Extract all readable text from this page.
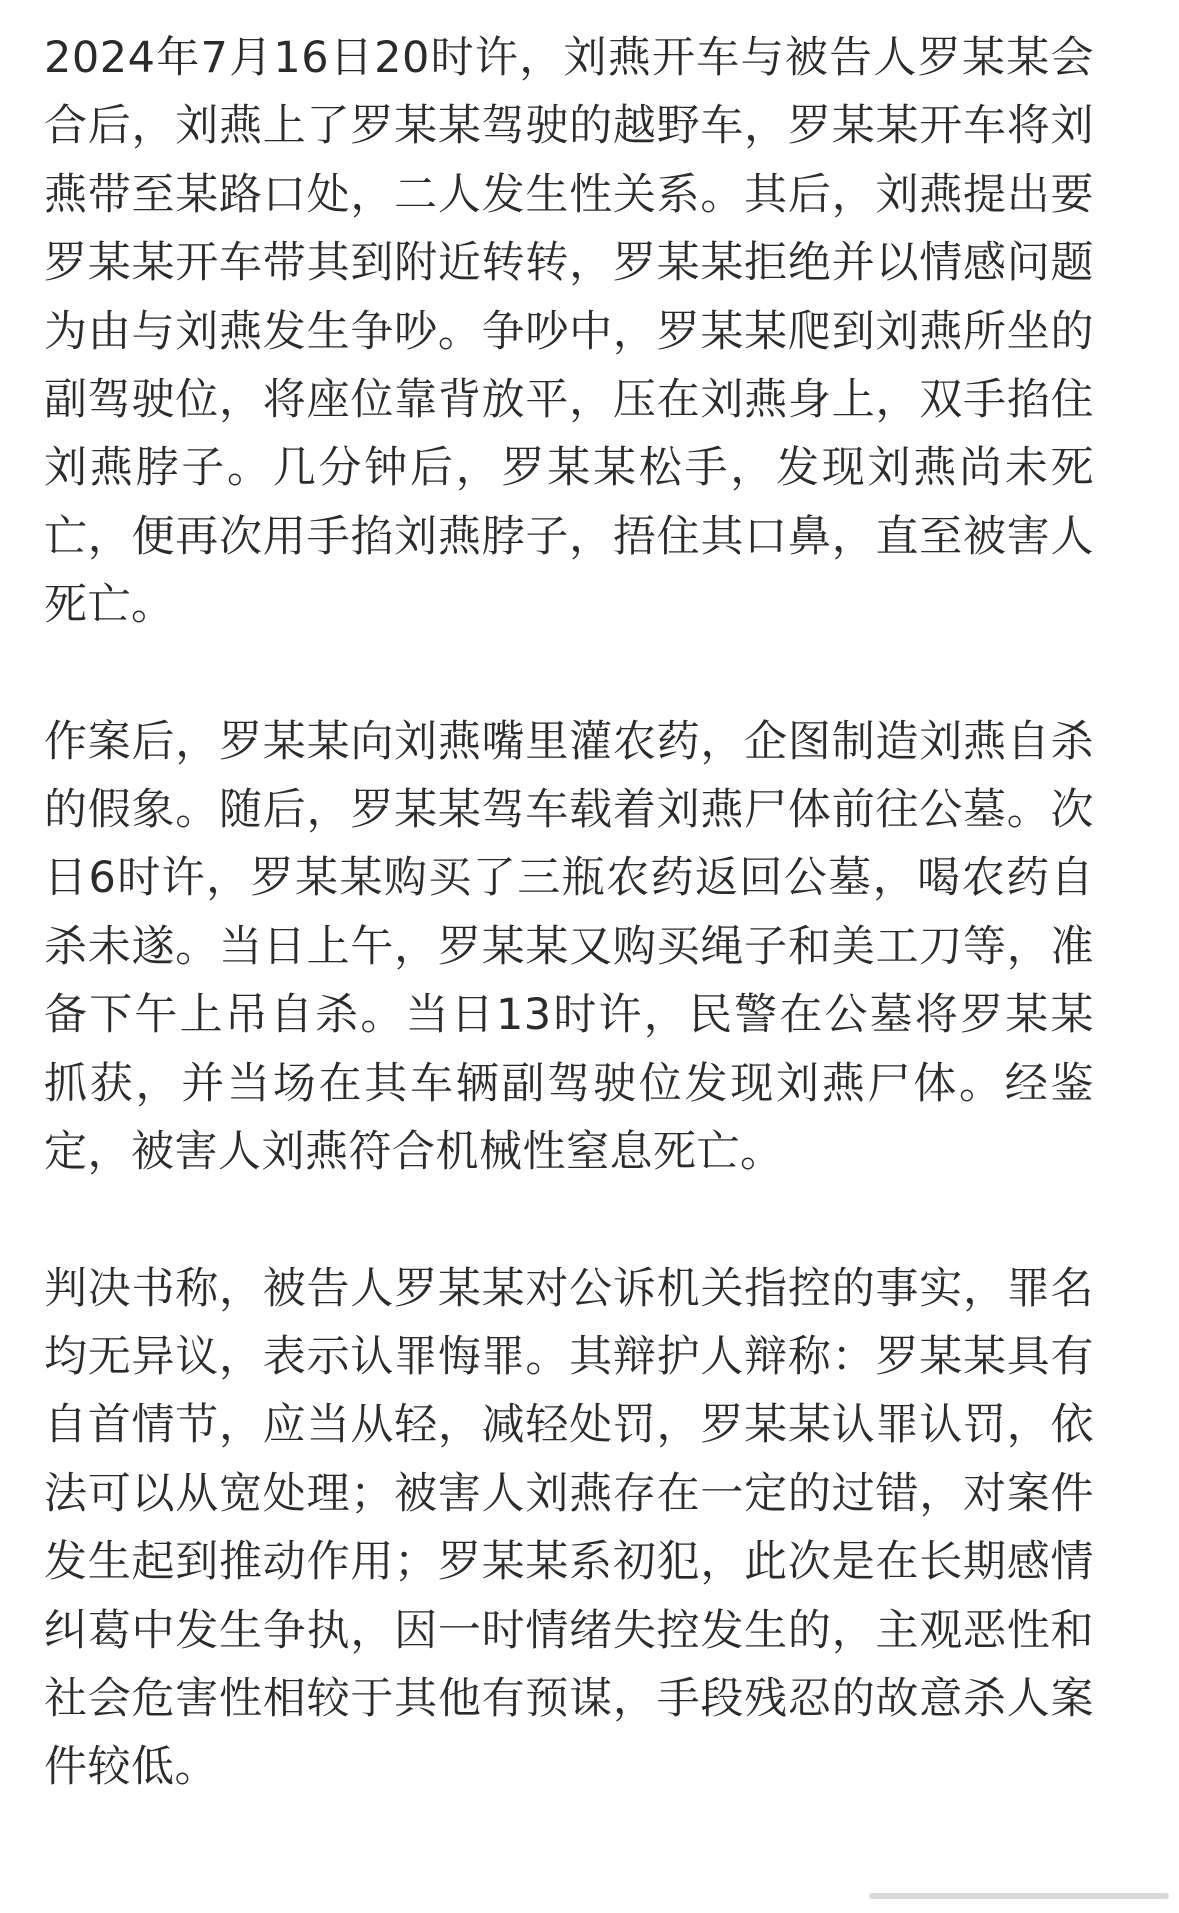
2024年7月16日20时许，刘燕开车与被告人罗某某会合后，刘燕上了罗某某驾驶的越野车，罗某某开车将刘燕带至某路口处，二人发生性关系。其后，刘燕提出要罗某某开车带其到附近转转，罗某某拒绝并以情感问题为由与刘燕发生争吵。争吵中，罗某某爬到刘燕所坐的副驾驶位，将座位靠背放平，压在刘燕身上，双手掐住刘燕脖子。几分钟后，罗某某松手，发现刘燕尚未死亡，便再次用手掐刘燕脖子，捂住其口鼻，直至被害人死亡。

作案后，罗某某向刘燕嘴里灌农药，企图制造刘燕自杀的假象。随后，罗某某驾车载着刘燕尸体前往公墓。次日6时许，罗某某购买了三瓶农药返回公墓，喝农药自杀未遂。当日上午，罗某某又购买绳子和美工刀等，准备下午上吊自杀。当日13时许，民警在公墓将罗某某抓获，并当场在其车辆副驾驶位发现刘燕尸体。经鉴定，被害人刘燕符合机械性窒息死亡。

判决书称，被告人罗某某对公诉机关指控的事实，罪名均无异议，表示认罪悔罪。其辩护人辩称：罗某某具有自首情节，应当从轻，减轻处罚，罗某某认罪认罚，依法可以从宽处理；被害人刘燕存在一定的过错，对案件发生起到推动作用；罗某某系初犯，此次是在长期感情纠葛中发生争执，因一时情绪失控发生的，主观恶性和社会危害性相较于其他有预谋，手段残忍的故意杀人案件较低。
